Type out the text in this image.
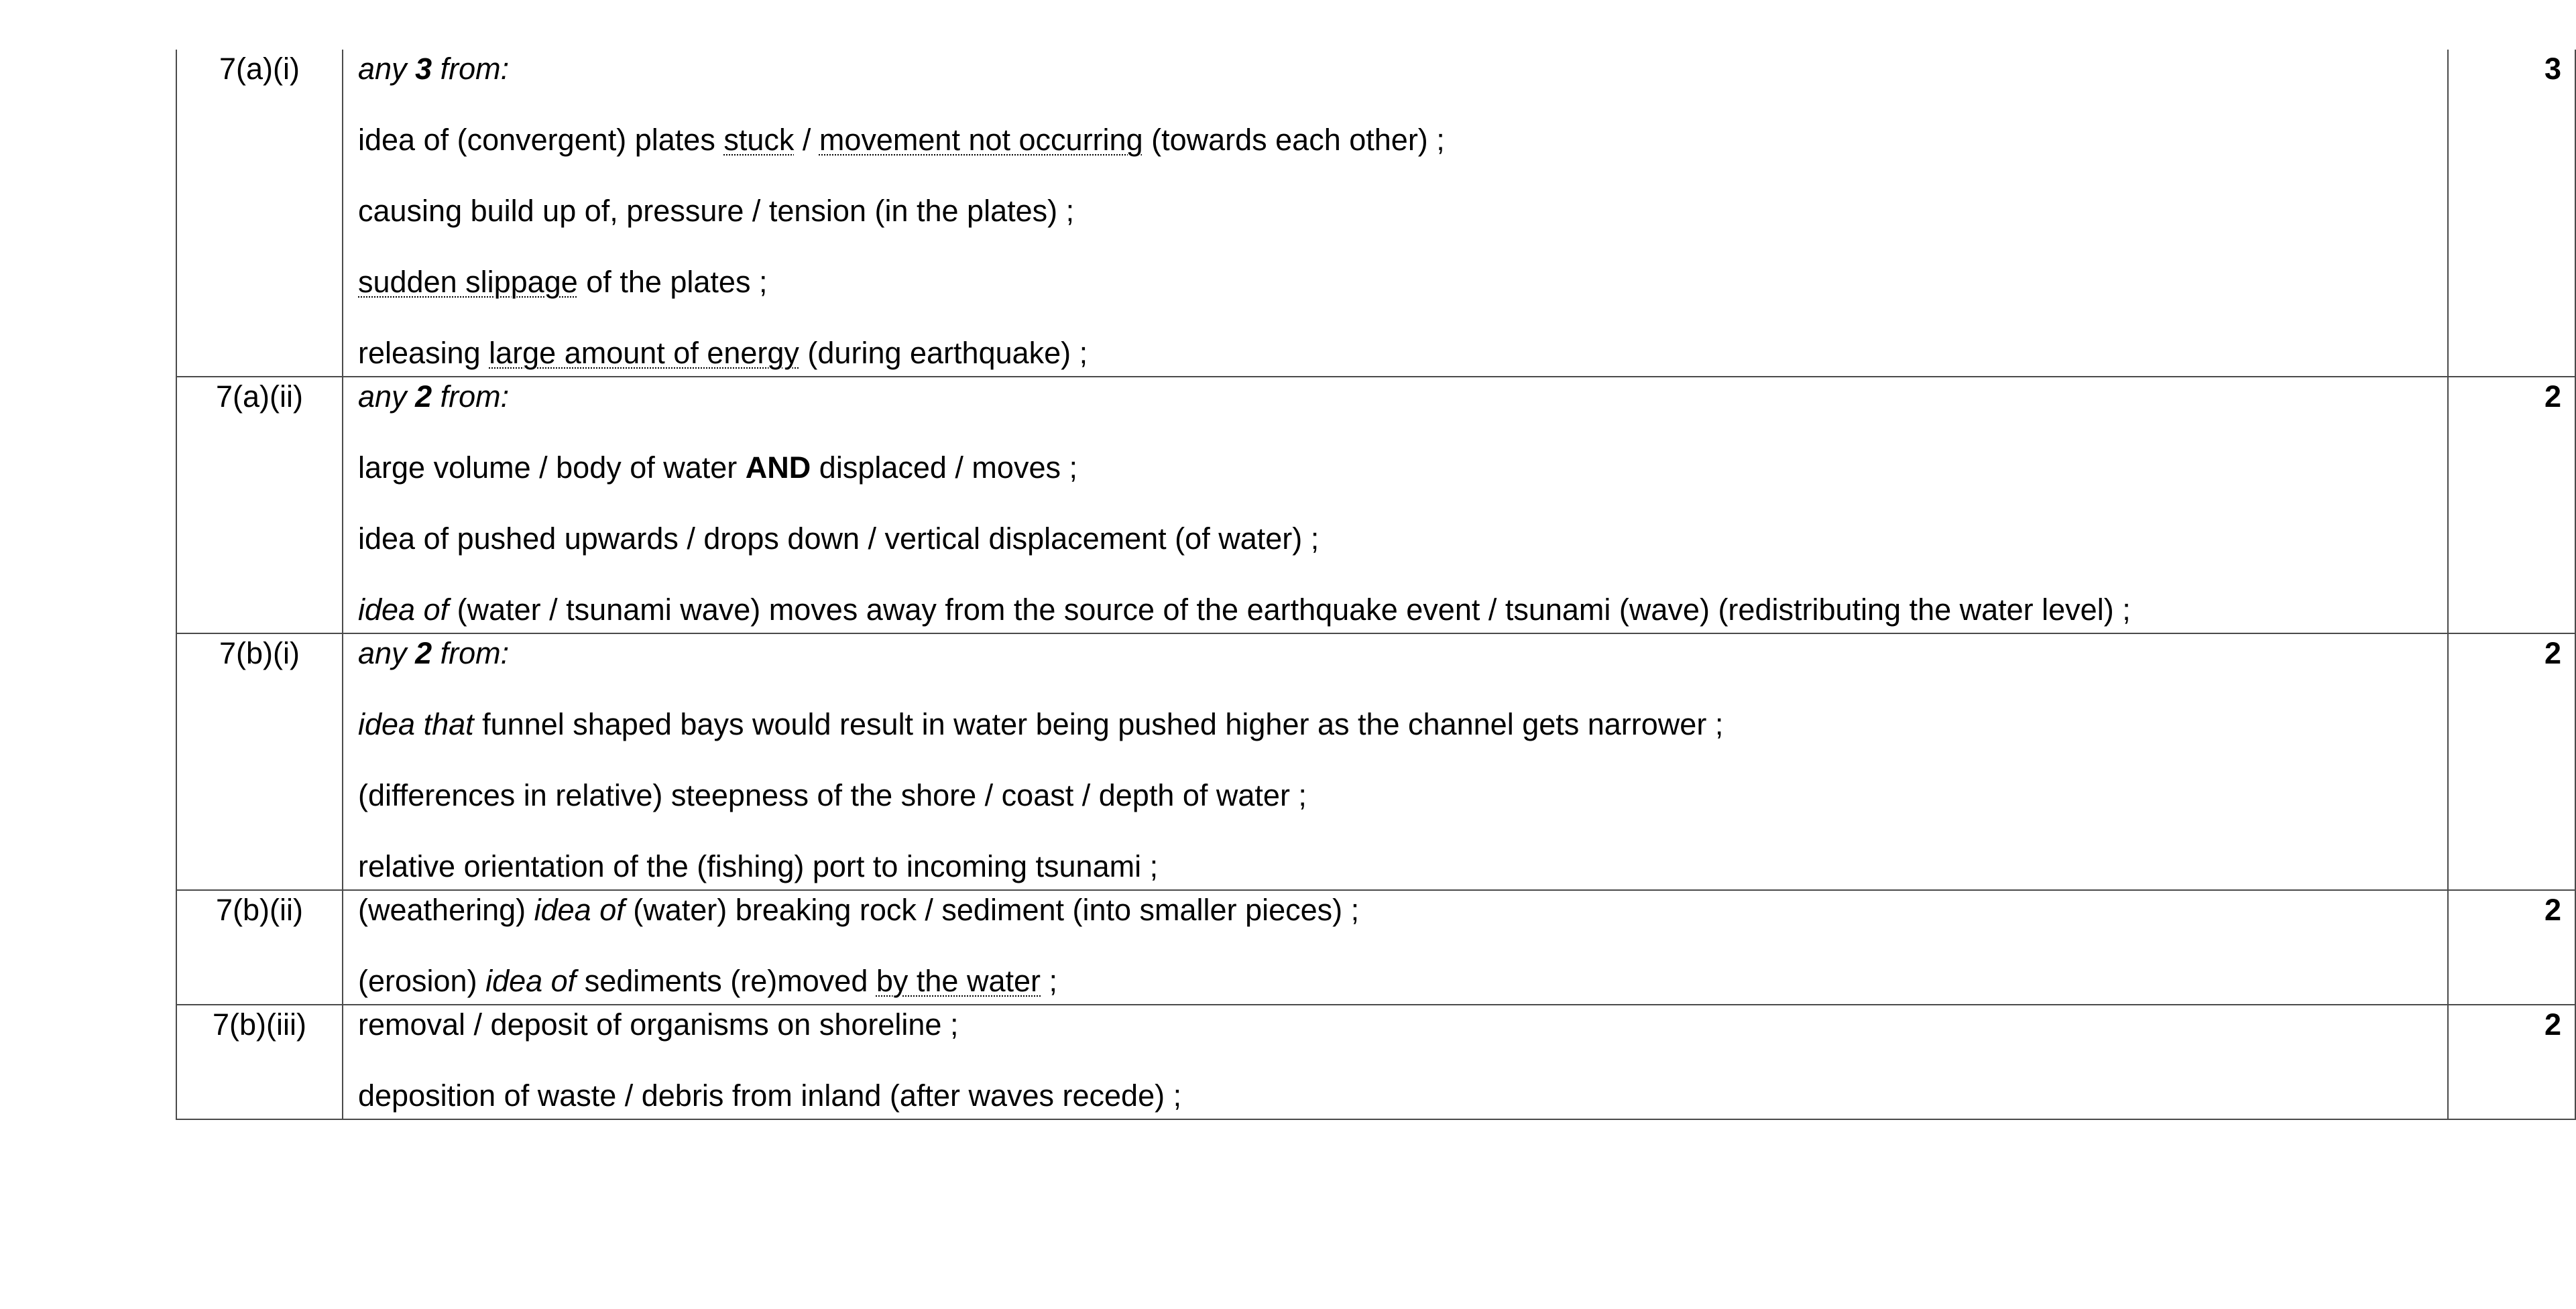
7(a)(i)	any 3 from:
idea of (convergent) plates stuck / movement not occurring (towards each other) ;
causing build up of, pressure / tension (in the plates) ;
sudden slippage of the plates ;
releasing large amount of energy (during earthquake) ;	3
7(a)(ii)	any 2 from:
large volume / body of water AND displaced / moves ;
idea of pushed upwards / drops down / vertical displacement (of water) ;
idea of (water / tsunami wave) moves away from the source of the earthquake event / tsunami (wave) (redistributing the water level) ;	2
7(b)(i)	any 2 from:
idea that funnel shaped bays would result in water being pushed higher as the channel gets narrower ;
(differences in relative) steepness of the shore / coast / depth of water ;
relative orientation of the (fishing) port to incoming tsunami ;	2
7(b)(ii)	(weathering) idea of (water) breaking rock / sediment (into smaller pieces) ;
(erosion) idea of sediments (re)moved by the water ;	2
7(b)(iii)	removal / deposit of organisms on shoreline ;
deposition of waste / debris from inland (after waves recede) ;	2
